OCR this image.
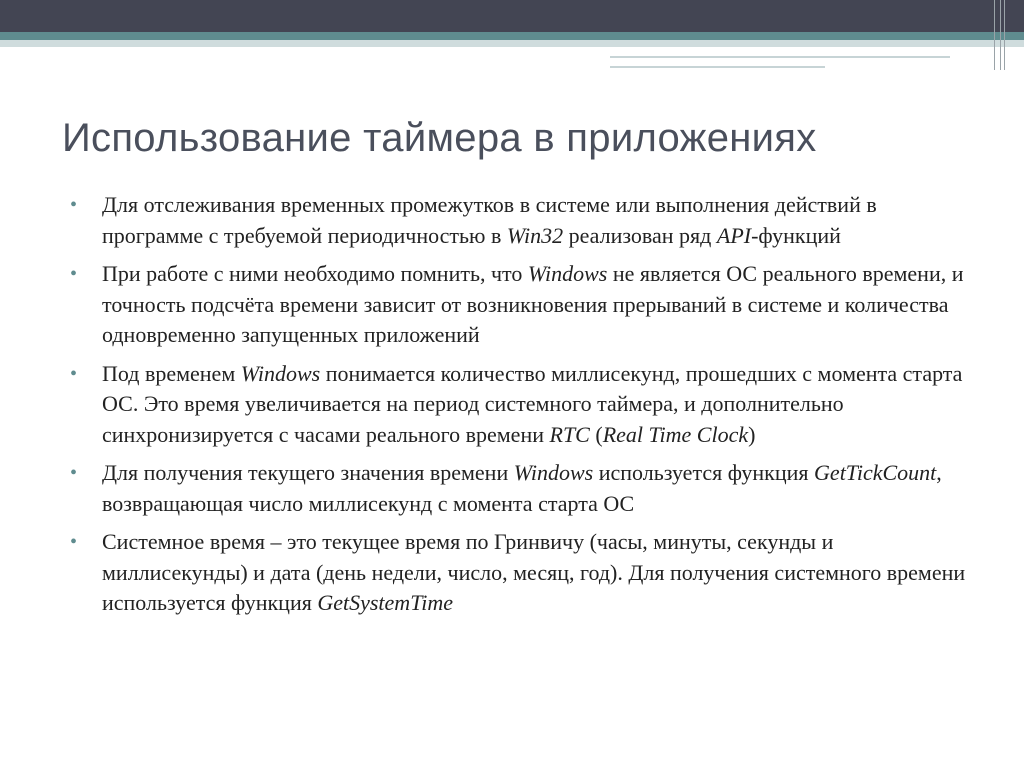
Использование таймера в приложениях
• Для отслеживания временных промежутков в системе или выполнения действий в программе с требуемой периодичностью в Win32 реализован ряд API-функций
• При работе с ними необходимо помнить, что Windows не является ОС реального времени, и точность подсчёта времени зависит от возникновения прерываний в системе и количества одновременно запущенных приложений
• Под временем Windows понимается количество миллисекунд, прошедших с момента старта ОС. Это время увеличивается на период системного таймера, и дополнительно синхронизируется с часами реального времени RTC (Real Time Clock)
• Для получения текущего значения времени Windows используется функция GetTickCount, возвращающая число миллисекунд с момента старта ОС
• Системное время – это текущее время по Гринвичу (часы, минуты, секунды и миллисекунды) и дата (день недели, число, месяц, год). Для получения системного времени используется функция GetSystemTime
